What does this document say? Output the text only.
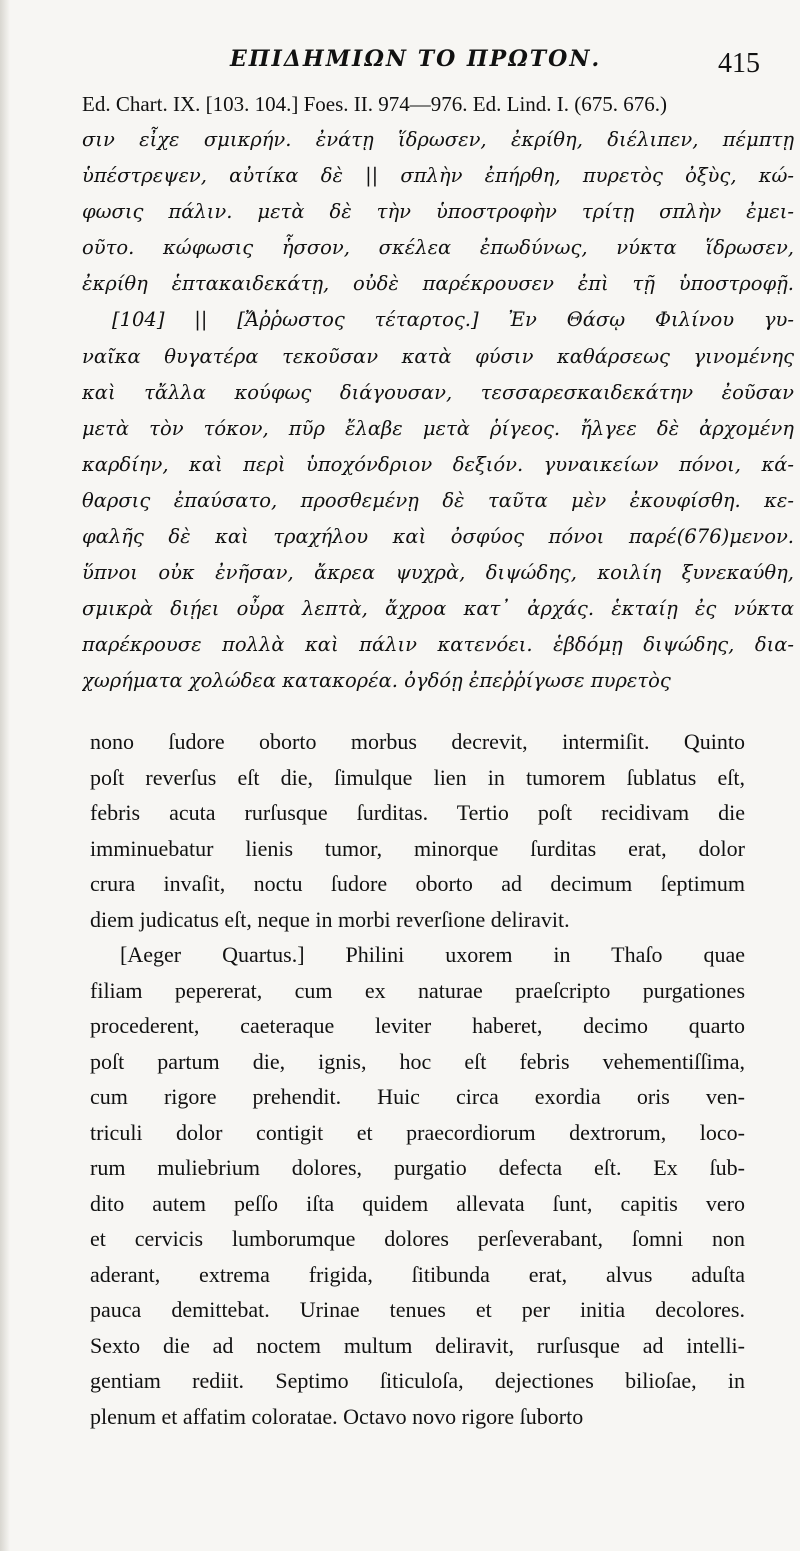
ΕΠΙΔΗΜΙΩΝ ΤΟ ΠΡΩΤΟΝ.	415
Ed. Chart. IX. [103. 104.] Foes. II. 974—976. Ed. Lind. I. (675. 676.)
σιν εἶχε σμικρήν. ἐνάτῃ ἵδρωσεν, ἐκρίθη, διέλιπεν, πέμπτῃ
ὑπέστρεψεν, αὐτίκα δὲ || σπλὴν ἐπήρθη, πυρετὸς ὀξὺς, κώ-
φωσις πάλιν. μετὰ δὲ τὴν ὑποστροφὴν τρίτῃ σπλὴν ἐμει-
οῦτο. κώφωσις ἧσσον, σκέλεα ἐπωδύνως, νύκτα ἵδρωσεν,
ἐκρίθη ἑπτακαιδεκάτῃ, οὐδὲ παρέκρουσεν ἐπὶ τῇ ὑποστροφῇ.
[104] || [Ἄῤῥωστος τέταρτος.] Ἐν Θάσῳ Φιλίνου γυ-
ναῖκα θυγατέρα τεκοῦσαν κατὰ φύσιν καθάρσεως γινομένης
καὶ τἄλλα κούφως διάγουσαν, τεσσαρεσκαιδεκάτην ἐοῦσαν
μετὰ τὸν τόκον, πῦρ ἔλαβε μετὰ ῥίγεος. ἤλγεε δὲ ἀρχομένη
καρδίην, καὶ περὶ ὑποχόνδριον δεξιόν. γυναικείων πόνοι, κά-
θαρσις ἐπαύσατο, προσθεμένῃ δὲ ταῦτα μὲν ἐκουφίσθη. κε-
φαλῆς δὲ καὶ τραχήλου καὶ ὀσφύος πόνοι παρέ(676)μενον.
ὕπνοι οὐκ ἐνῆσαν, ἄκρεα ψυχρὰ, διψώδης, κοιλίη ξυνεκαύθη,
σμικρὰ διῄει οὖρα λεπτὰ, ἄχροα κατ᾿ ἀρχάς. ἑκταίῃ ἐς νύκτα
παρέκρουσε πολλὰ καὶ πάλιν κατενόει. ἑβδόμῃ διψώδης, δια-
χωρήματα χολώδεα κατακορέα. ὀγδόῃ ἐπεῤῥίγωσε πυρετὸς
nono ſudore oborto morbus decrevit, intermiſit. Quinto
poſt reverſus eſt die, ſimulque lien in tumorem ſublatus eſt,
febris acuta rurſusque ſurditas. Tertio poſt recidivam die
imminuebatur lienis tumor, minorque ſurditas erat, dolor
crura invaſit, noctu ſudore oborto ad decimum ſeptimum
diem judicatus eſt, neque in morbi reverſione deliravit.
[Aeger Quartus.] Philini uxorem in Thaſo quae
filiam pepererat, cum ex naturae praeſcripto purgationes
procederent, caeteraque leviter haberet, decimo quarto
poſt partum die, ignis, hoc eſt febris vehementiſſima,
cum rigore prehendit. Huic circa exordia oris ven-
triculi dolor contigit et praecordiorum dextrorum, loco-
rum muliebrium dolores, purgatio defecta eſt. Ex ſub-
dito autem peſſo iſta quidem allevata ſunt, capitis vero
et cervicis lumborumque dolores perſeverabant, ſomni non
aderant, extrema frigida, ſitibunda erat, alvus aduſta
pauca demittebat. Urinae tenues et per initia decolores.
Sexto die ad noctem multum deliravit, rurſusque ad intelli-
gentiam rediit. Septimo ſiticuloſa, dejectiones bilioſae, in
plenum et affatim coloratae. Octavo novo rigore ſuborto
